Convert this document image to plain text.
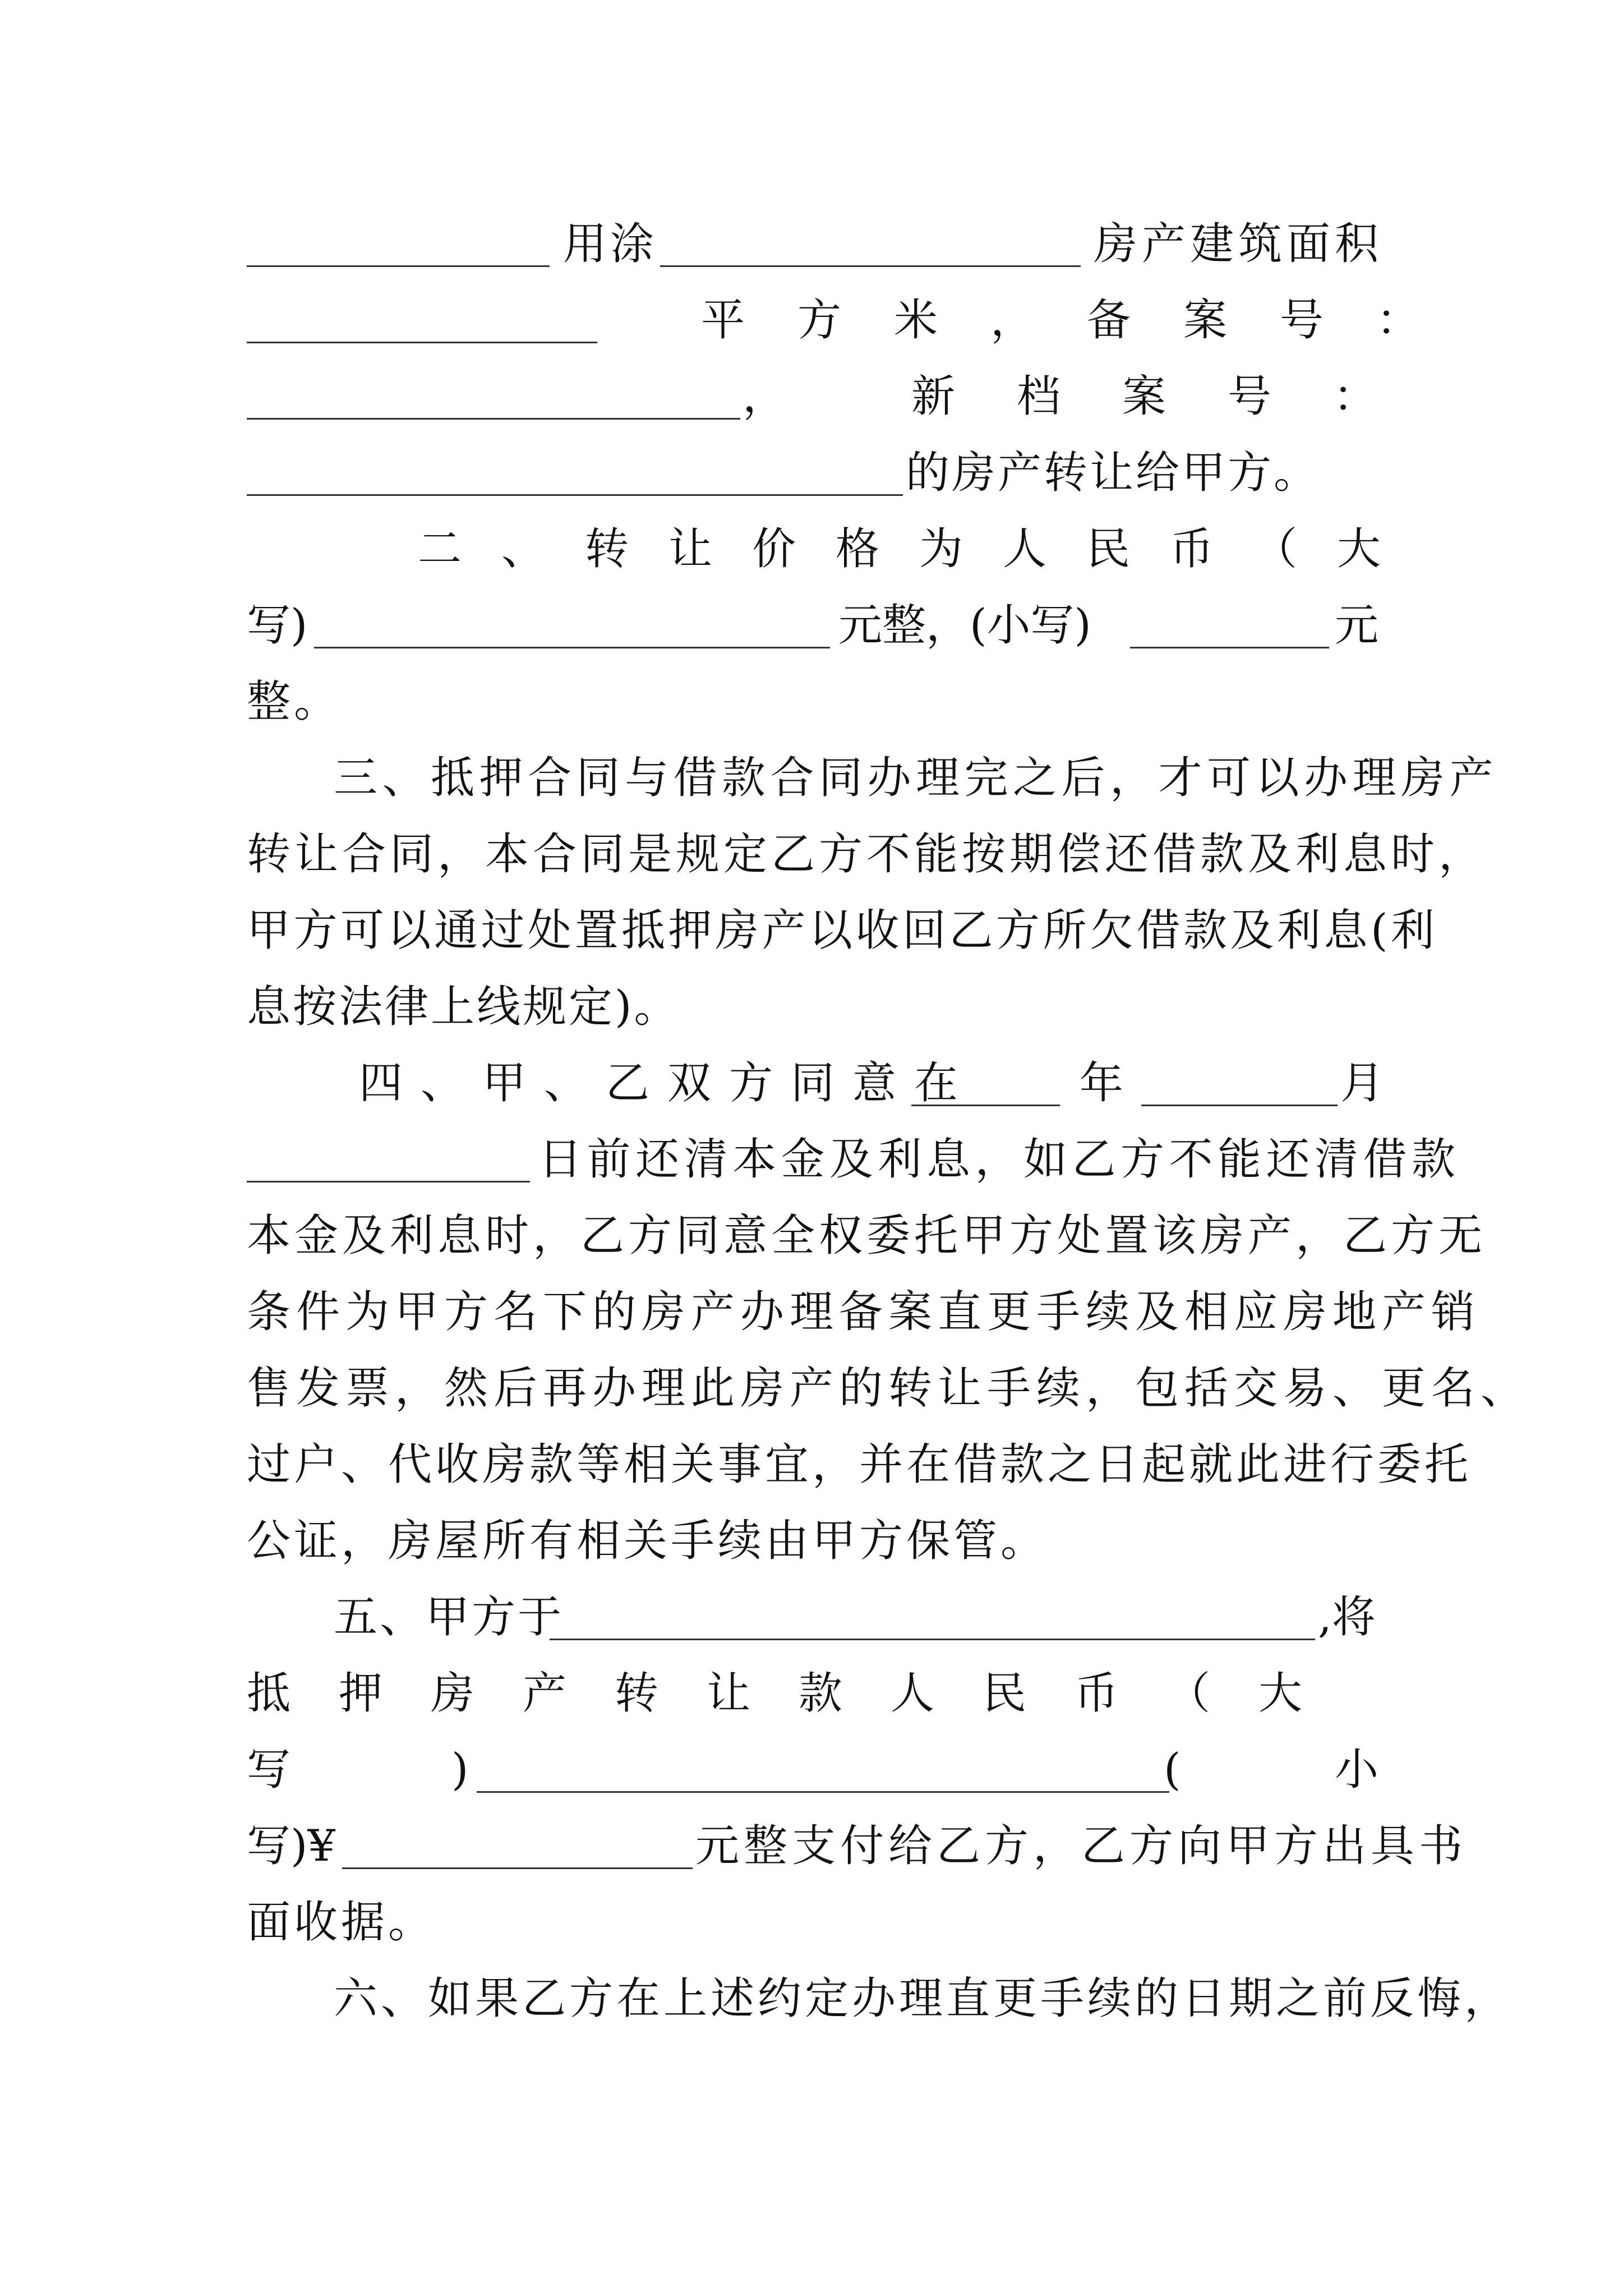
用涂	房产建筑面积
平方米，备案号：
，	新档案号：
的房产转让给甲方。
二、转让价格为人民币（大
写)	元整，(小写)	元
整。
三、抵押合同与借款合同办理完之后，才可以办理房产
转让合同，本合同是规定乙方不能按期偿还借款及利息时，
甲方可以通过处置抵押房产以收回乙方所欠借款及利息(利
息按法律上线规定)。
四、甲、乙双方同意在 年	月
日前还清本金及利息，如乙方不能还清借款
本金及利息时，乙方同意全权委托甲方处置该房产，乙方无
条件为甲方名下的房产办理备案直更手续及相应房地产销
售发票，然后再办理此房产的转让手续，包括交易、更名、
过户、代收房款等相关事宜，并在借款之日起就此进行委托
公证，房屋所有相关手续由甲方保管。
五、甲方于	,将
抵押房产转让款人民币（大
写	)	(	小
写)¥	元整支付给乙方，乙方向甲方出具书
面收据。
六、如果乙方在上述约定办理直更手续的日期之前反悔，
